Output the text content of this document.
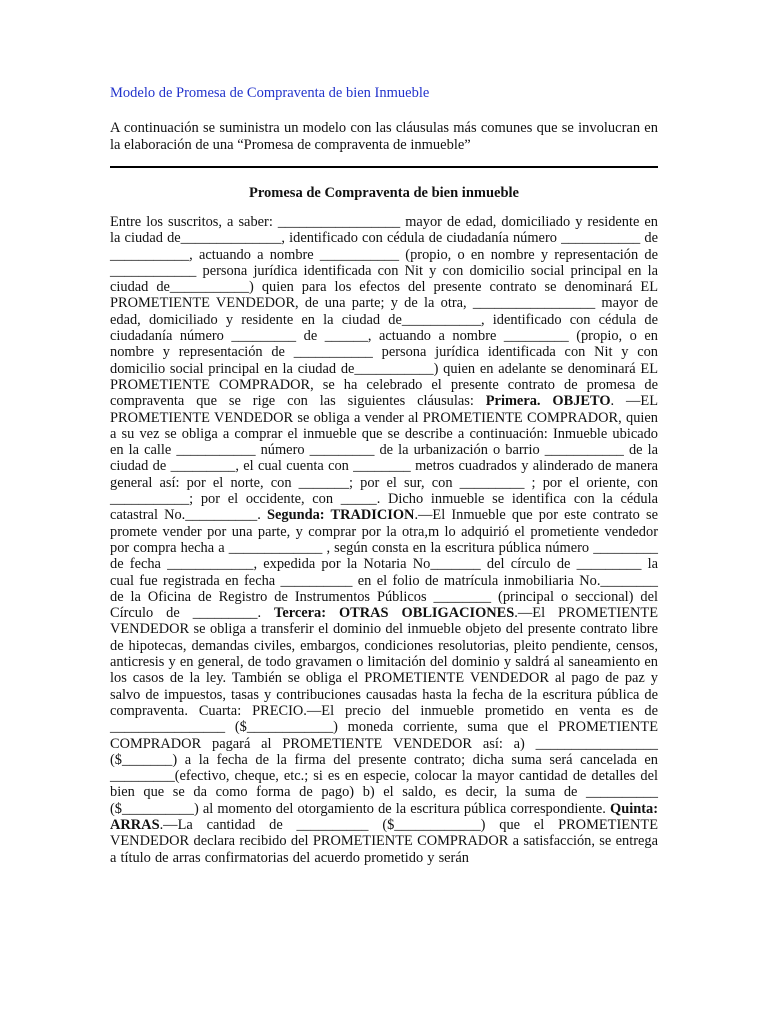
Modelo de Promesa de Compraventa de bien Inmueble

A continuación se suministra un modelo con las cláusulas más comunes que se involucran en la elaboración de una “Promesa de compraventa de inmueble”

Promesa de Compraventa de bien inmueble

Entre los suscritos, a saber: _________________ mayor de edad, domiciliado y residente en la ciudad de______________, identificado con cédula de ciudadanía número ___________ de ___________, actuando a nombre ___________ (propio, o en nombre y representación de ____________ persona jurídica identificada con Nit y con domicilio social principal en la ciudad de___________) quien para los efectos del presente contrato se denominará EL PROMETIENTE VENDEDOR, de una parte; y de la otra, _________________ mayor de edad, domiciliado y residente en la ciudad de___________, identificado con cédula de ciudadanía número _________ de ______, actuando a nombre _________ (propio, o en nombre y representación de ___________ persona jurídica identificada con Nit y con domicilio social principal en la ciudad de___________) quien en adelante se denominará EL PROMETIENTE COMPRADOR, se ha celebrado el presente contrato de promesa de compraventa que se rige con las siguientes cláusulas: Primera. OBJETO. —EL PROMETIENTE VENDEDOR se obliga a vender al PROMETIENTE COMPRADOR, quien a su vez se obliga a comprar el inmueble que se describe a continuación: Inmueble ubicado en la calle ___________ número _________ de la urbanización o barrio ___________ de la ciudad de _________, el cual cuenta con ________ metros cuadrados y alinderado de manera general así: por el norte, con _______; por el sur, con _________ ; por el oriente, con ___________; por el occidente, con _____. Dicho inmueble se identifica con la cédula catastral No.__________. Segunda: TRADICION.—El Inmueble que por este contrato se promete vender por una parte, y comprar por la otra,m lo adquirió el prometiente vendedor por compra hecha a _____________ , según consta en la escritura pública número _________ de fecha ____________, expedida por la Notaria No_______ del círculo de _________ la cual fue registrada en fecha __________ en el folio de matrícula inmobiliaria No.________ de la Oficina de Registro de Instrumentos Públicos ________ (principal o seccional) del Círculo de _________. Tercera: OTRAS OBLIGACIONES.—El PROMETIENTE VENDEDOR se obliga a transferir el dominio del inmueble objeto del presente contrato libre de hipotecas, demandas civiles, embargos, condiciones resolutorias, pleito pendiente, censos, anticresis y en general, de todo gravamen o limitación del dominio y saldrá al saneamiento en los casos de la ley. También se obliga el PROMETIENTE VENDEDOR al pago de paz y salvo de impuestos, tasas y contribuciones causadas hasta la fecha de la escritura pública de compraventa. Cuarta: PRECIO.—El precio del inmueble prometido en venta es de ________________ ($____________) moneda corriente, suma que el PROMETIENTE COMPRADOR pagará al PROMETIENTE VENDEDOR así: a) _________________ ($_______) a la fecha de la firma del presente contrato; dicha suma será cancelada en _________(efectivo, cheque, etc.; si es en especie, colocar la mayor cantidad de detalles del bien que se da como forma de pago) b) el saldo, es decir, la suma de __________ ($__________) al momento del otorgamiento de la escritura pública correspondiente. Quinta: ARRAS.—La cantidad de __________ ($____________) que el PROMETIENTE VENDEDOR declara recibido del PROMETIENTE COMPRADOR a satisfacción, se entrega a título de arras confirmatorias del acuerdo prometido y serán
